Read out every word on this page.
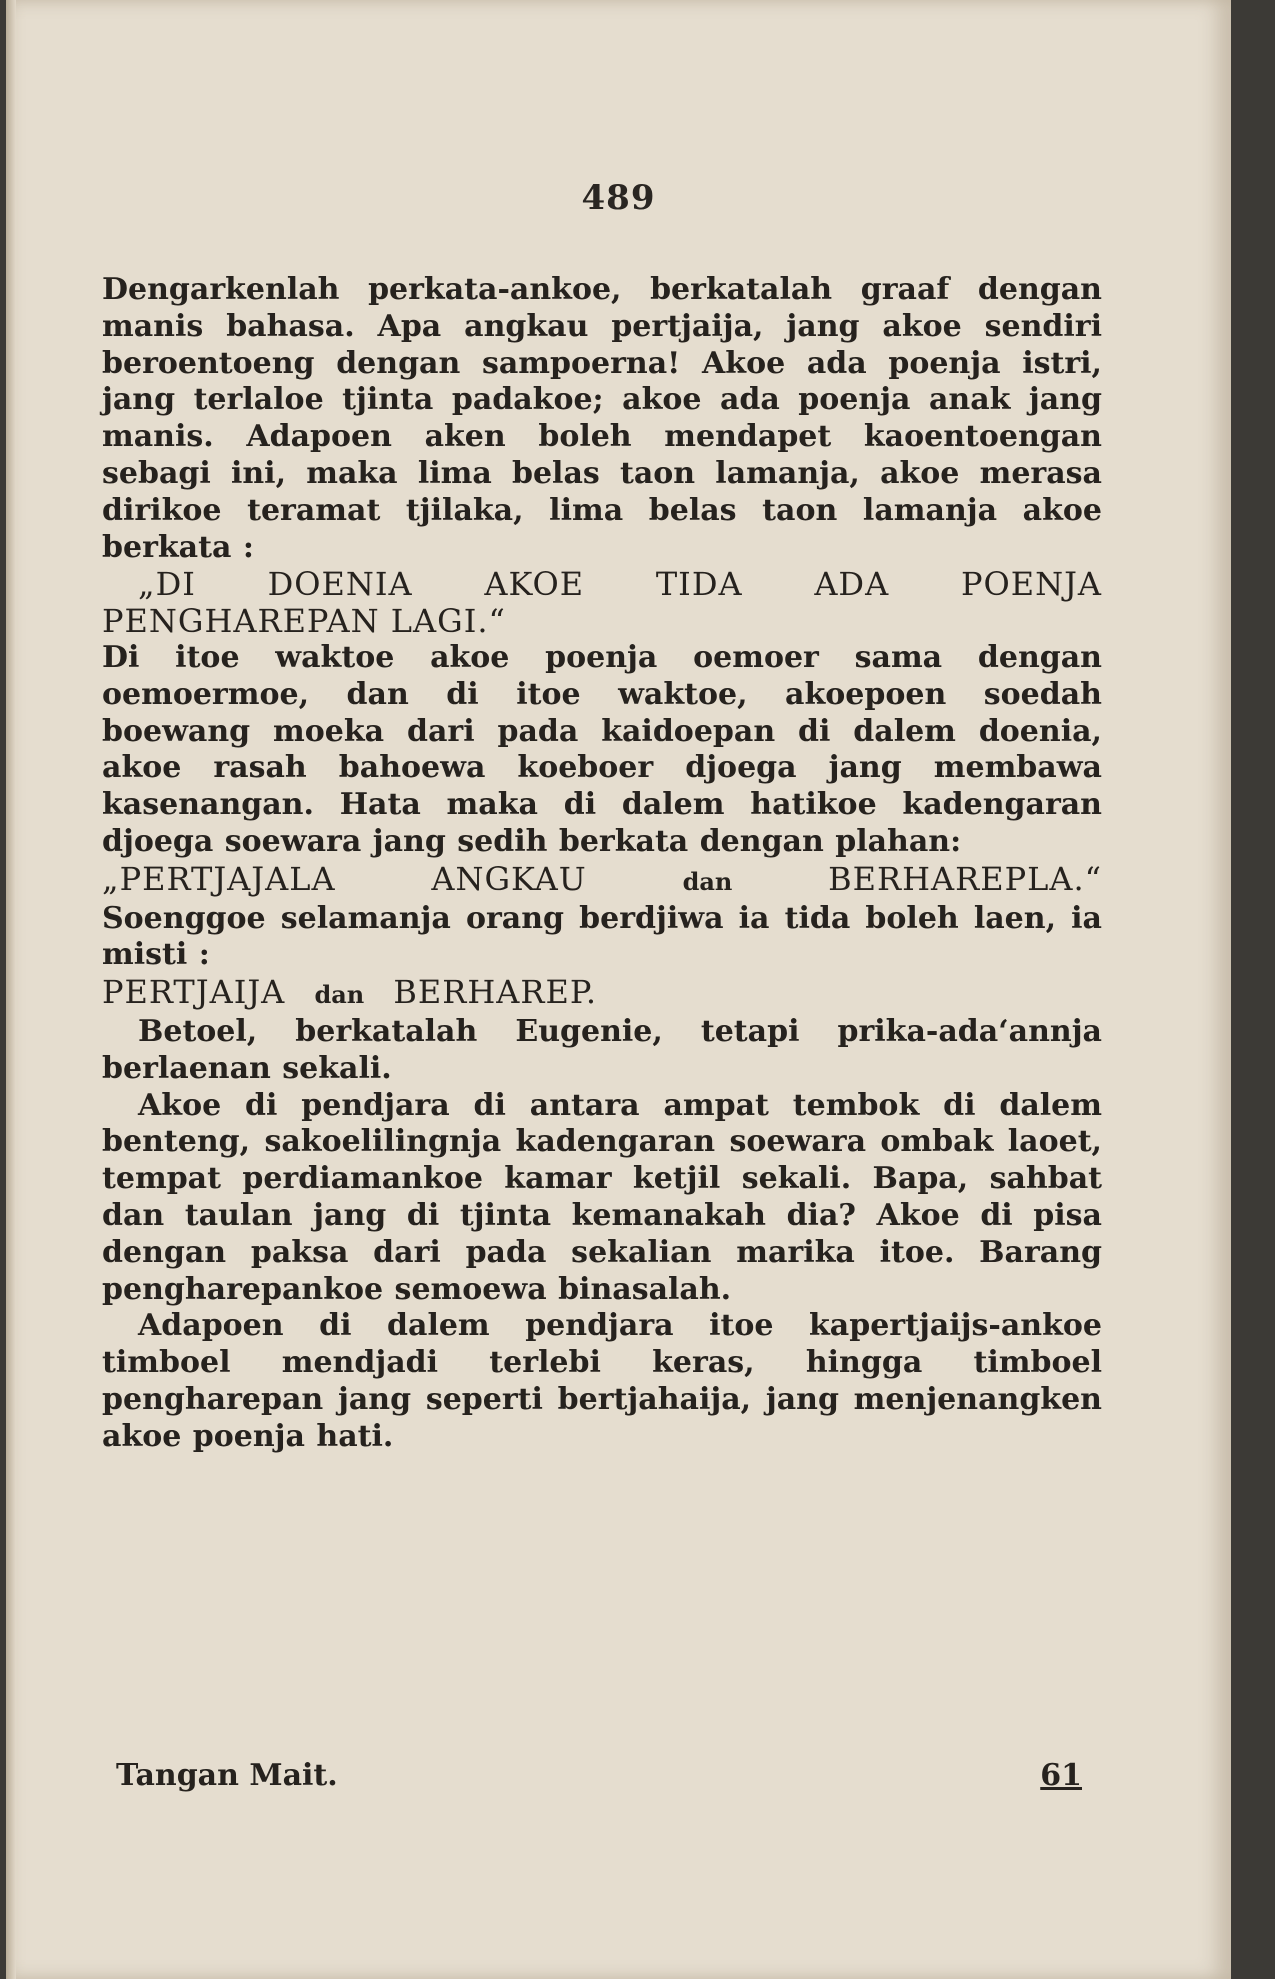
489

Dengarkenlah perkata-ankoe, berkatalah graaf dengan manis bahasa. Apa angkau pertjaija, jang akoe sendiri beroentoeng dengan sampoerna! Akoe ada poenja istri, jang terlaloe tjinta padakoe; akoe ada poenja anak jang manis. Adapoen aken boleh mendapet kaoentoengan sebagi ini, maka lima belas taon lamanja, akoe merasa dirikoe teramat tjilaka, lima belas taon lamanja akoe berkata :

„DI DOENIA AKOE TIDA ADA POENJA

PENGHAREPAN LAGI.“

Di itoe waktoe akoe poenja oemoer sama dengan oemoermoe, dan di itoe waktoe, akoepoen soedah boewang moeka dari pada kaidoepan di dalem doenia, akoe rasah bahoewa koeboer djoega jang membawa kasenangan. Hata maka di dalem hatikoe kadengaran djoega soewara jang sedih berkata dengan plahan:

„PERTJAJALA ANGKAU	dan	BERHAREPLA.“

Soenggoe selamanja orang berdjiwa ia tida boleh laen, ia misti :

PERTJAIJA dan BERHAREP.

Betoel, berkatalah Eugenie, tetapi prika-ada‘annja berlaenan sekali.

Akoe di pendjara di antara ampat tembok di dalem benteng, sakoelilingnja kadengaran soewara ombak laoet, tempat perdiamankoe kamar ketjil sekali. Bapa, sahbat dan taulan jang di tjinta kemanakah dia? Akoe di pisa dengan paksa dari pada sekalian marika itoe. Barang pengharepankoe semoewa binasalah.

Adapoen di dalem pendjara itoe kapertjaijs-ankoe timboel mendjadi terlebi keras, hingga timboel pengharepan jang seperti bertjahaija, jang menjenangken akoe poenja hati.

Tangan Mait.	61
